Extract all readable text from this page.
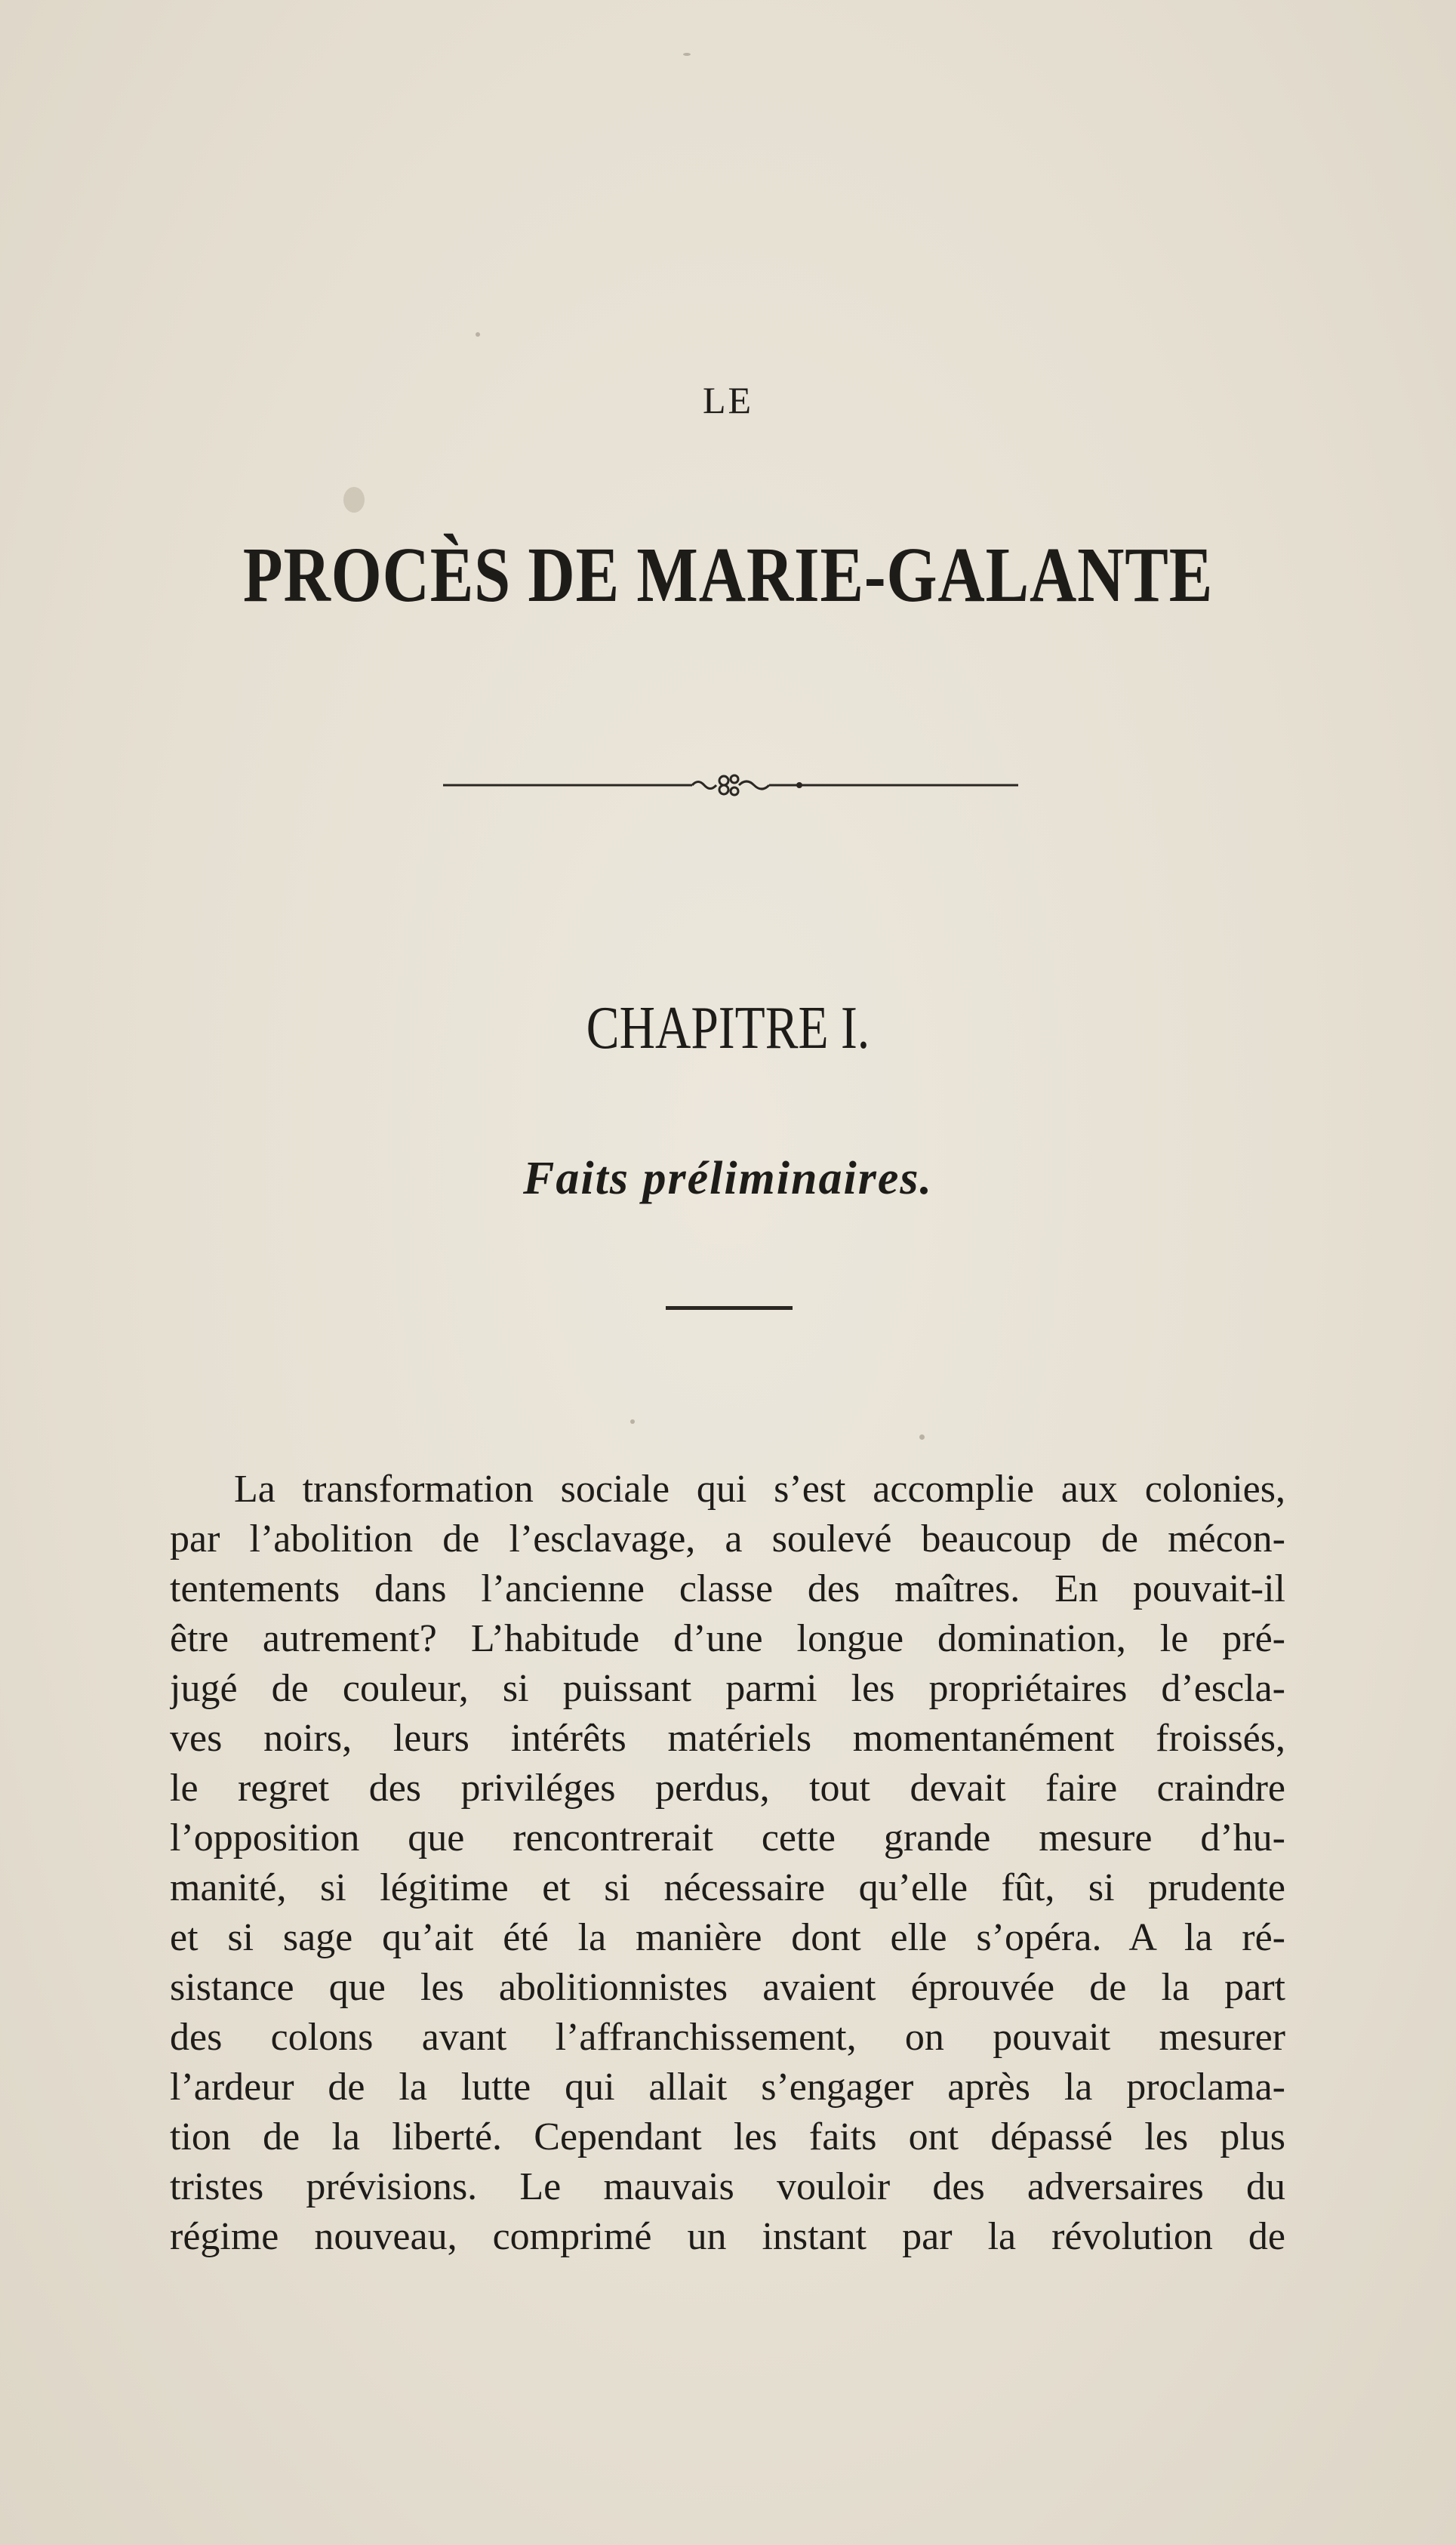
LE
PROCÈS DE MARIE-GALANTE
CHAPITRE I.
Faits préliminaires.
La transformation sociale qui s’est accomplie aux colonies,
par l’abolition de l’esclavage, a soulevé beaucoup de mécon-
tentements dans l’ancienne classe des maîtres. En pouvait-il
être autrement? L’habitude d’une longue domination, le pré-
jugé de couleur, si puissant parmi les propriétaires d’escla-
ves noirs, leurs intérêts matériels momentanément froissés,
le regret des priviléges perdus, tout devait faire craindre
l’opposition que rencontrerait cette grande mesure d’hu-
manité, si légitime et si nécessaire qu’elle fût, si prudente
et si sage qu’ait été la manière dont elle s’opéra. A la ré-
sistance que les abolitionnistes avaient éprouvée de la part
des colons avant l’affranchissement, on pouvait mesurer
l’ardeur de la lutte qui allait s’engager après la proclama-
tion de la liberté. Cependant les faits ont dépassé les plus
tristes prévisions. Le mauvais vouloir des adversaires du
régime nouveau, comprimé un instant par la révolution de
